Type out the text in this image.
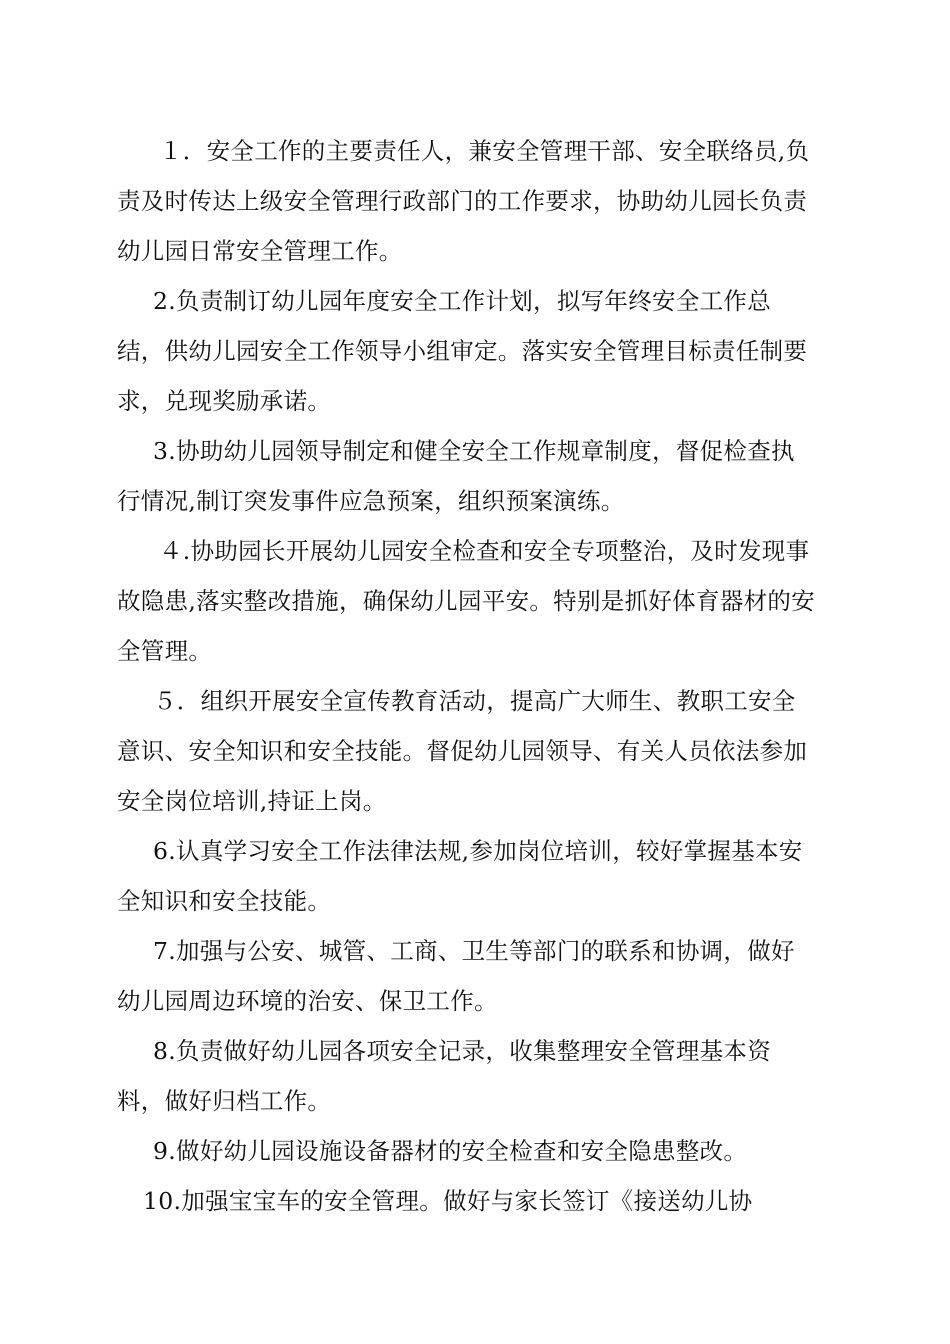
１．安全工作的主要责任人，兼安全管理干部、安全联络员,负责及时传达上级安全管理行政部门的工作要求，协助幼儿园长负责幼儿园日常安全管理工作。

2.负责制订幼儿园年度安全工作计划，拟写年终安全工作总结，供幼儿园安全工作领导小组审定。落实安全管理目标责任制要求，兑现奖励承诺。

3.协助幼儿园领导制定和健全安全工作规章制度，督促检查执行情况,制订突发事件应急预案，组织预案演练。

４.协助园长开展幼儿园安全检查和安全专项整治，及时发现事故隐患,落实整改措施，确保幼儿园平安。特别是抓好体育器材的安全管理。

５．组织开展安全宣传教育活动，提高广大师生、教职工安全意识、安全知识和安全技能。督促幼儿园领导、有关人员依法参加安全岗位培训,持证上岗。

6.认真学习安全工作法律法规,参加岗位培训，较好掌握基本安全知识和安全技能。

7.加强与公安、城管、工商、卫生等部门的联系和协调，做好幼儿园周边环境的治安、保卫工作。

8.负责做好幼儿园各项安全记录，收集整理安全管理基本资料，做好归档工作。

9.做好幼儿园设施设备器材的安全检查和安全隐患整改。

10.加强宝宝车的安全管理。做好与家长签订《接送幼儿协
